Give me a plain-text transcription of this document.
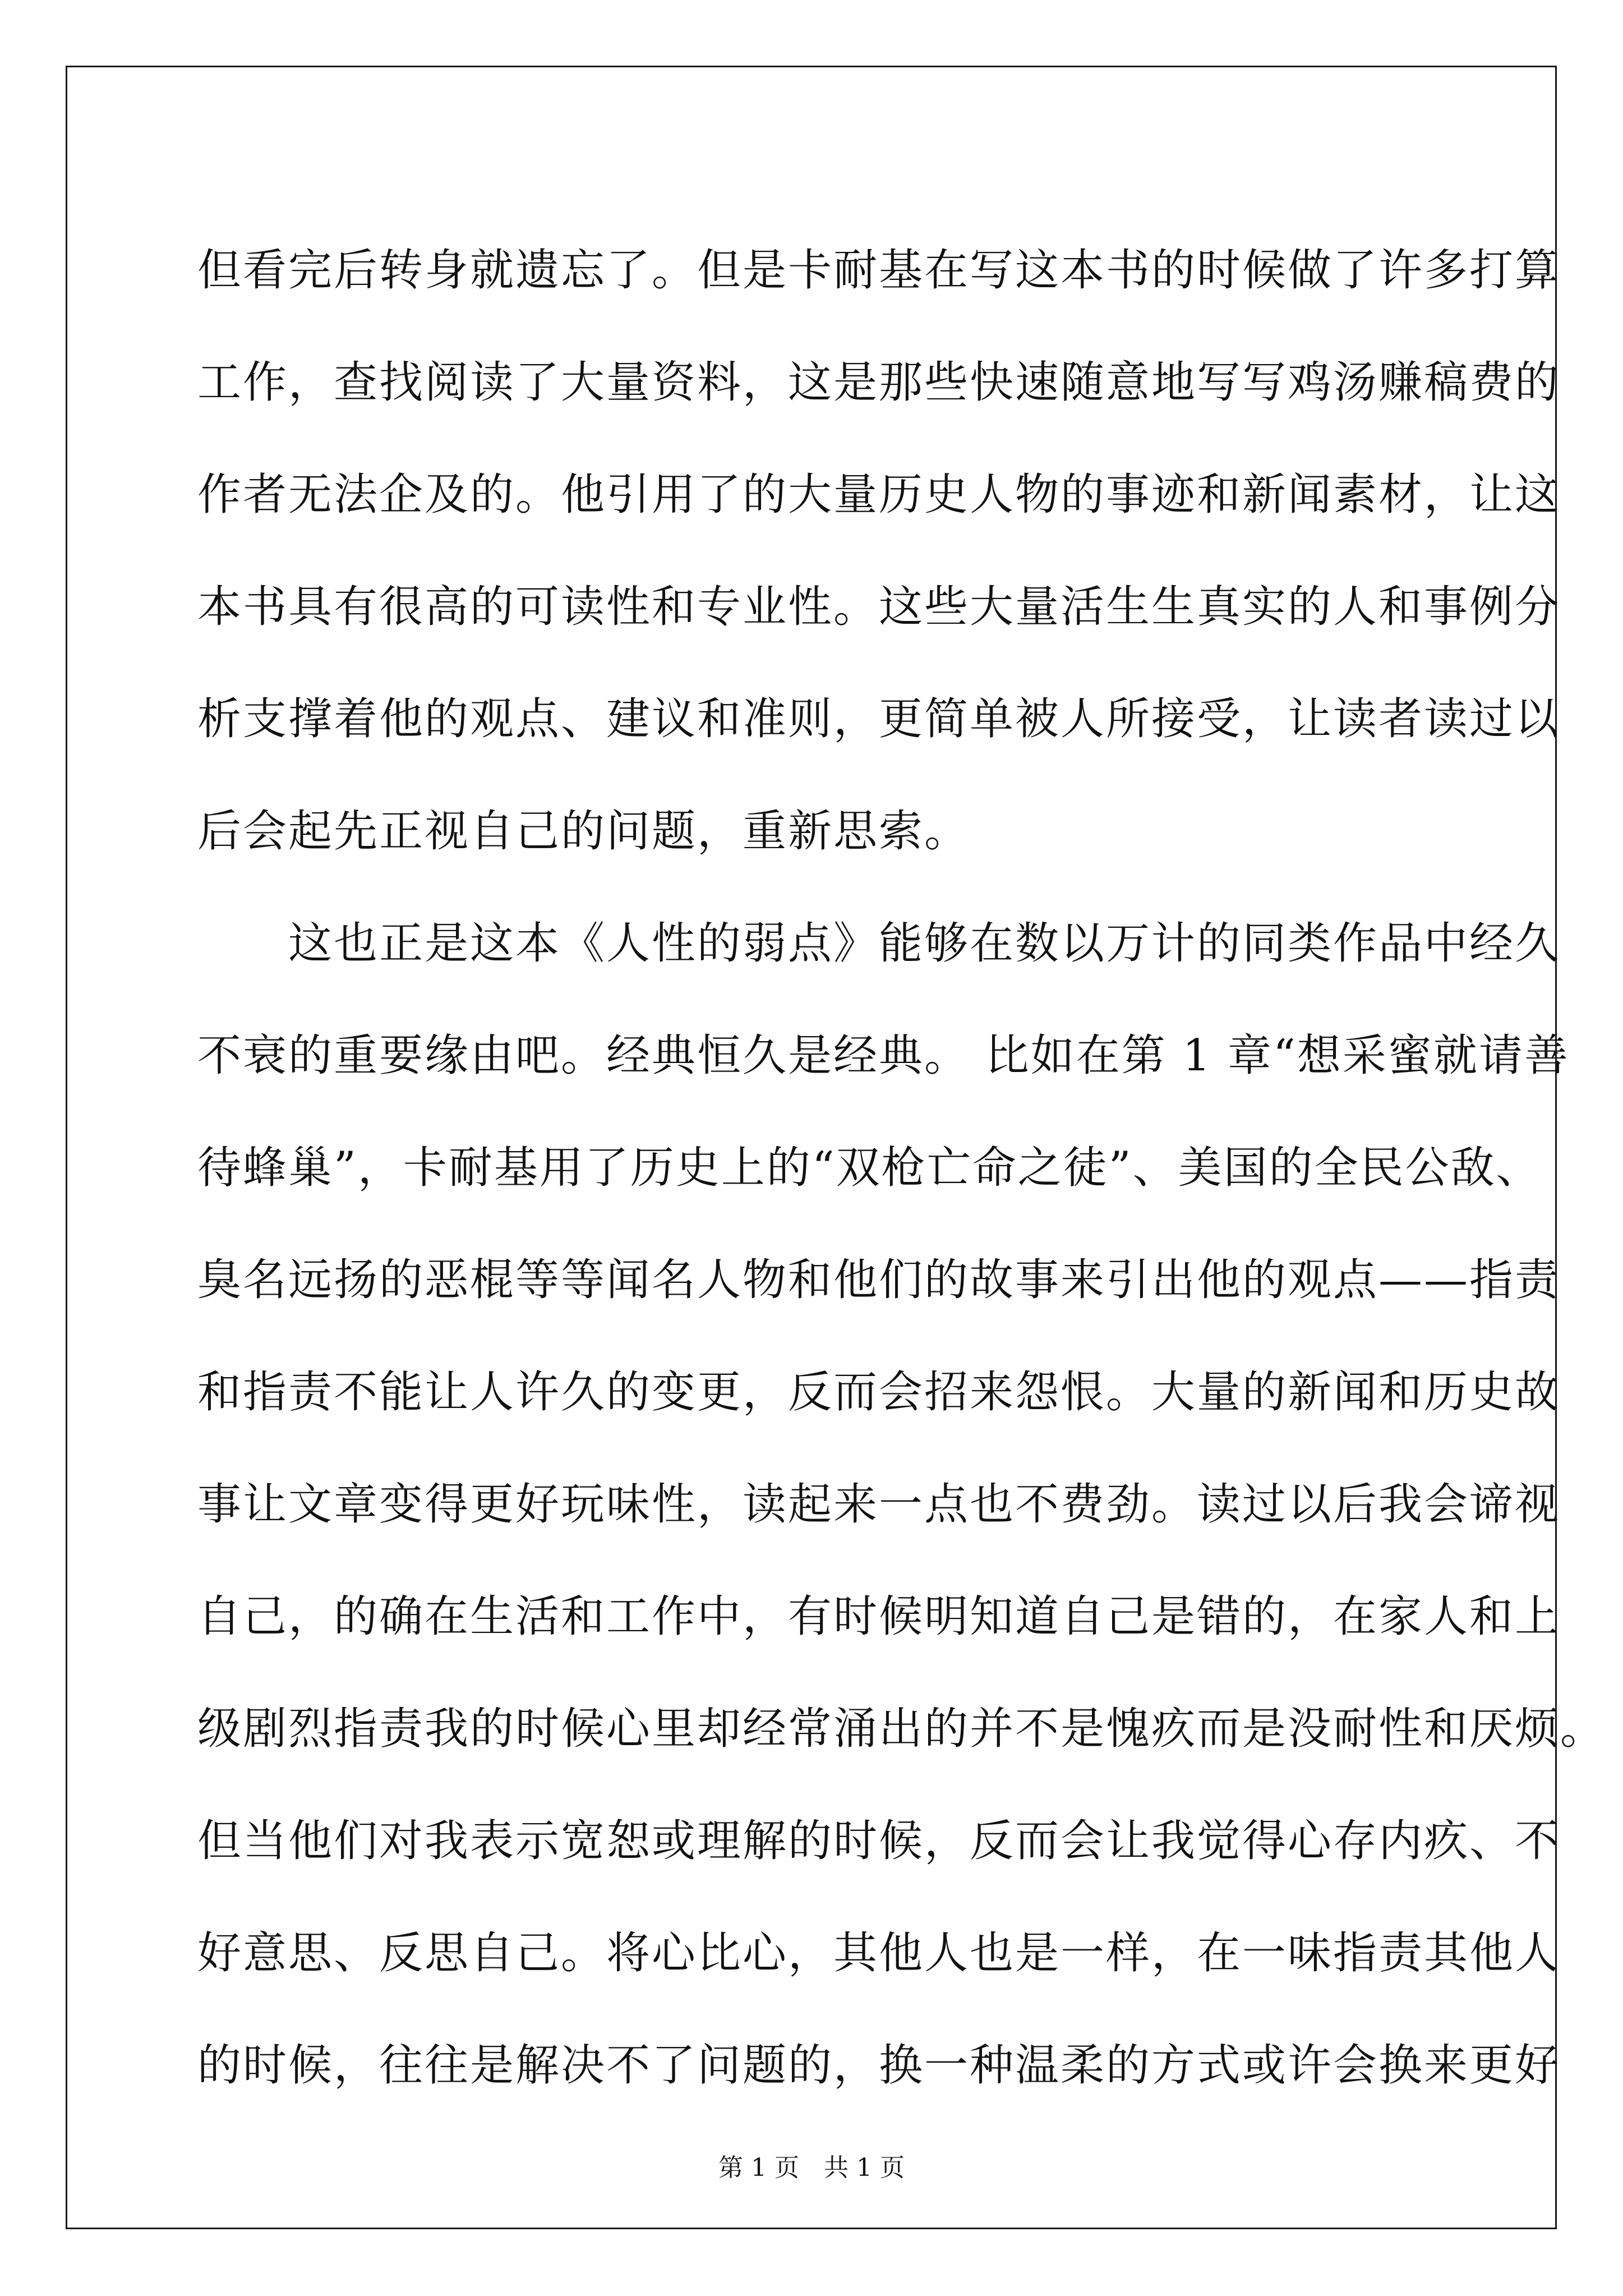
但看完后转身就遗忘了。但是卡耐基在写这本书的时候做了许多打算
工作，查找阅读了大量资料，这是那些快速随意地写写鸡汤赚稿费的
作者无法企及的。他引用了的大量历史人物的事迹和新闻素材，让这
本书具有很高的可读性和专业性。这些大量活生生真实的人和事例分
析支撑着他的观点、建议和准则，更简单被人所接受，让读者读过以
后会起先正视自己的问题，重新思索。
　　这也正是这本《人性的弱点》能够在数以万计的同类作品中经久
不衰的重要缘由吧。经典恒久是经典。 比如在第 1 章“想采蜜就请善
待蜂巢”，卡耐基用了历史上的“双枪亡命之徒”、美国的全民公敌、
臭名远扬的恶棍等等闻名人物和他们的故事来引出他的观点——指责
和指责不能让人许久的变更，反而会招来怨恨。大量的新闻和历史故
事让文章变得更好玩味性，读起来一点也不费劲。读过以后我会谛视
自己，的确在生活和工作中，有时候明知道自己是错的，在家人和上
级剧烈指责我的时候心里却经常涌出的并不是愧疚而是没耐性和厌烦。
但当他们对我表示宽恕或理解的时候，反而会让我觉得心存内疚、不
好意思、反思自己。将心比心，其他人也是一样，在一味指责其他人
的时候，往往是解决不了问题的，换一种温柔的方式或许会换来更好
第 1 页　共 1 页
